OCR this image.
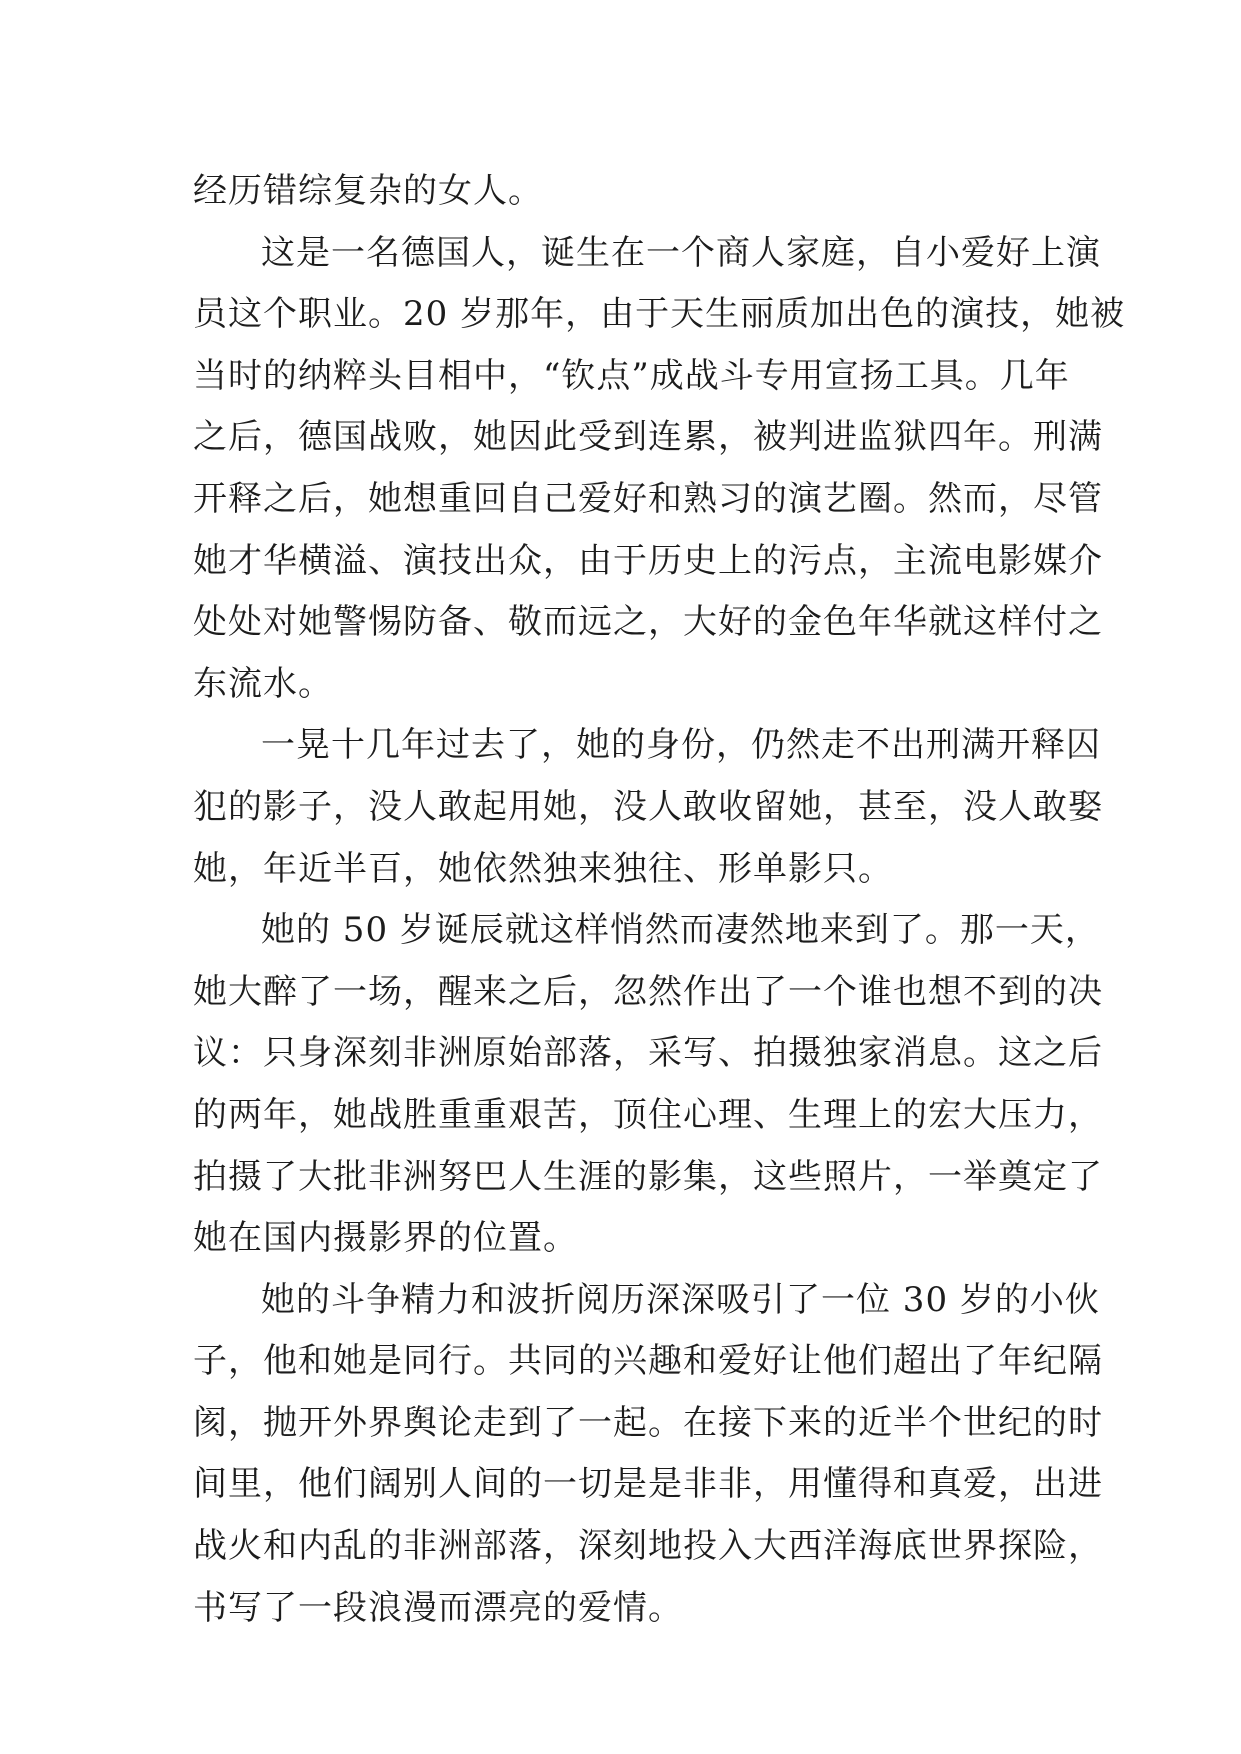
经历错综复杂的女人。
这是一名德国人，诞生在一个商人家庭，自小爱好上演
员这个职业。20 岁那年，由于天生丽质加出色的演技，她被
当时的纳粹头目相中，“钦点”成战斗专用宣扬工具。几年
之后，德国战败，她因此受到连累，被判进监狱四年。刑满
开释之后，她想重回自己爱好和熟习的演艺圈。然而，尽管
她才华横溢、演技出众，由于历史上的污点，主流电影媒介
处处对她警惕防备、敬而远之，大好的金色年华就这样付之
东流水。
一晃十几年过去了，她的身份，仍然走不出刑满开释囚
犯的影子，没人敢起用她，没人敢收留她，甚至，没人敢娶
她，年近半百，她依然独来独往、形单影只。
她的 50 岁诞辰就这样悄然而凄然地来到了。那一天，
她大醉了一场，醒来之后，忽然作出了一个谁也想不到的决
议：只身深刻非洲原始部落，采写、拍摄独家消息。这之后
的两年，她战胜重重艰苦，顶住心理、生理上的宏大压力，
拍摄了大批非洲努巴人生涯的影集，这些照片，一举奠定了
她在国内摄影界的位置。
她的斗争精力和波折阅历深深吸引了一位 30 岁的小伙
子，他和她是同行。共同的兴趣和爱好让他们超出了年纪隔
阂，抛开外界舆论走到了一起。在接下来的近半个世纪的时
间里，他们阔别人间的一切是是非非，用懂得和真爱，出进
战火和内乱的非洲部落，深刻地投入大西洋海底世界探险，
书写了一段浪漫而漂亮的爱情。
